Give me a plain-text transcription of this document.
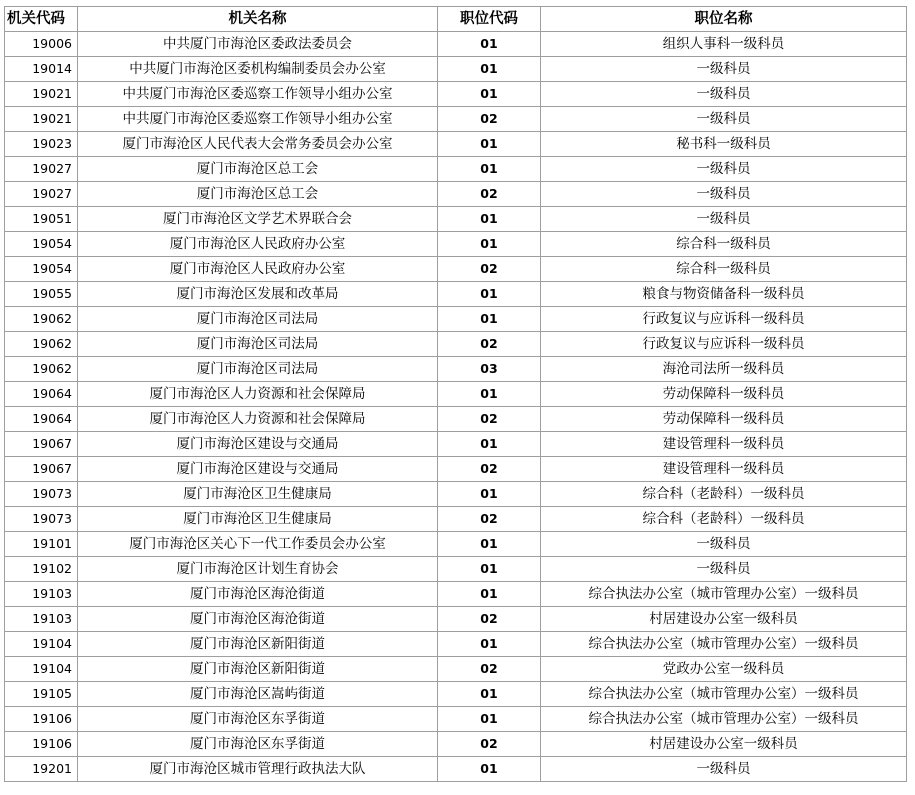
机关代码	机关名称	职位代码	职位名称
19006	中共厦门市海沧区委政法委员会	01	组织人事科一级科员
19014	中共厦门市海沧区委机构编制委员会办公室	01	一级科员
19021	中共厦门市海沧区委巡察工作领导小组办公室	01	一级科员
19021	中共厦门市海沧区委巡察工作领导小组办公室	02	一级科员
19023	厦门市海沧区人民代表大会常务委员会办公室	01	秘书科一级科员
19027	厦门市海沧区总工会	01	一级科员
19027	厦门市海沧区总工会	02	一级科员
19051	厦门市海沧区文学艺术界联合会	01	一级科员
19054	厦门市海沧区人民政府办公室	01	综合科一级科员
19054	厦门市海沧区人民政府办公室	02	综合科一级科员
19055	厦门市海沧区发展和改革局	01	粮食与物资储备科一级科员
19062	厦门市海沧区司法局	01	行政复议与应诉科一级科员
19062	厦门市海沧区司法局	02	行政复议与应诉科一级科员
19062	厦门市海沧区司法局	03	海沧司法所一级科员
19064	厦门市海沧区人力资源和社会保障局	01	劳动保障科一级科员
19064	厦门市海沧区人力资源和社会保障局	02	劳动保障科一级科员
19067	厦门市海沧区建设与交通局	01	建设管理科一级科员
19067	厦门市海沧区建设与交通局	02	建设管理科一级科员
19073	厦门市海沧区卫生健康局	01	综合科（老龄科）一级科员
19073	厦门市海沧区卫生健康局	02	综合科（老龄科）一级科员
19101	厦门市海沧区关心下一代工作委员会办公室	01	一级科员
19102	厦门市海沧区计划生育协会	01	一级科员
19103	厦门市海沧区海沧街道	01	综合执法办公室（城市管理办公室）一级科员
19103	厦门市海沧区海沧街道	02	村居建设办公室一级科员
19104	厦门市海沧区新阳街道	01	综合执法办公室（城市管理办公室）一级科员
19104	厦门市海沧区新阳街道	02	党政办公室一级科员
19105	厦门市海沧区嵩屿街道	01	综合执法办公室（城市管理办公室）一级科员
19106	厦门市海沧区东孚街道	01	综合执法办公室（城市管理办公室）一级科员
19106	厦门市海沧区东孚街道	02	村居建设办公室一级科员
19201	厦门市海沧区城市管理行政执法大队	01	一级科员
